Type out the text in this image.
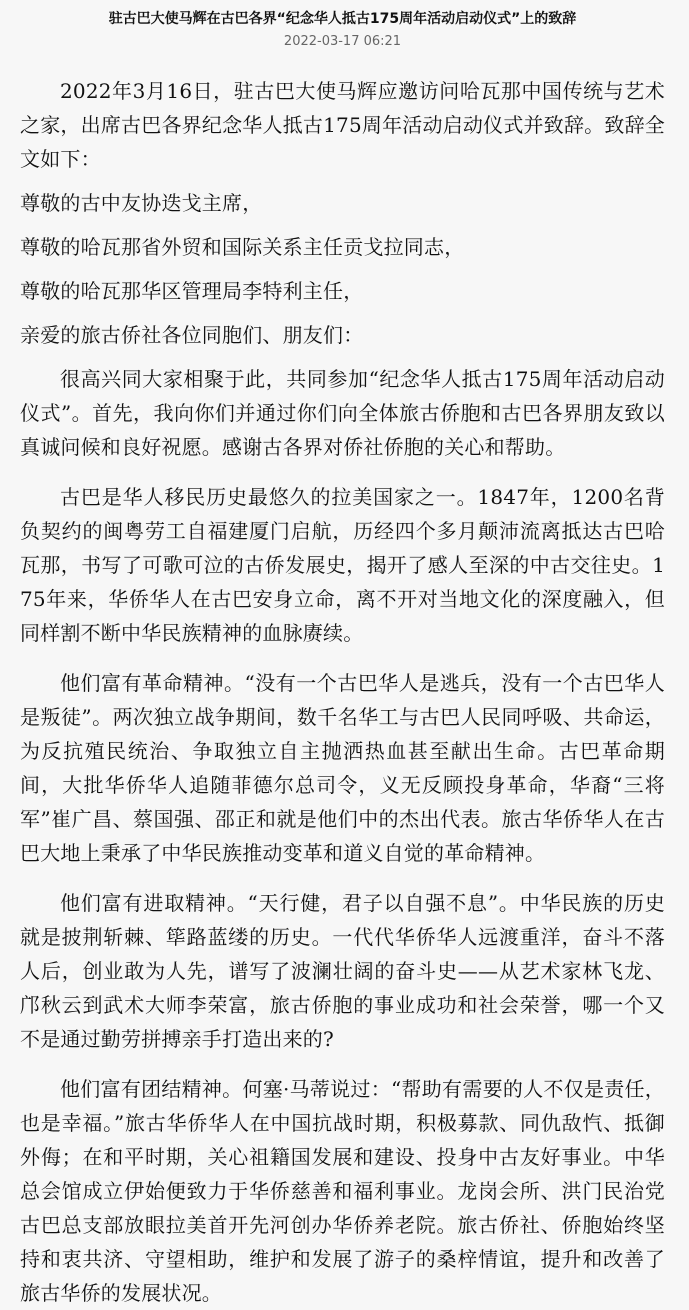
驻古巴大使马辉在古巴各界“纪念华人抵古175周年活动启动仪式”上的致辞
2022-03-17 06:21

2022年3月16日，驻古巴大使马辉应邀访问哈瓦那中国传统与艺术之家，出席古巴各界纪念华人抵古175周年活动启动仪式并致辞。致辞全文如下：

尊敬的古中友协迭戈主席，

尊敬的哈瓦那省外贸和国际关系主任贡戈拉同志，

尊敬的哈瓦那华区管理局李特利主任，

亲爱的旅古侨社各位同胞们、朋友们：

很高兴同大家相聚于此，共同参加“纪念华人抵古175周年活动启动仪式”。首先，我向你们并通过你们向全体旅古侨胞和古巴各界朋友致以真诚问候和良好祝愿。感谢古各界对侨社侨胞的关心和帮助。

古巴是华人移民历史最悠久的拉美国家之一。1847年，1200名背负契约的闽粤劳工自福建厦门启航，历经四个多月颠沛流离抵达古巴哈瓦那，书写了可歌可泣的古侨发展史，揭开了感人至深的中古交往史。175年来，华侨华人在古巴安身立命，离不开对当地文化的深度融入，但同样割不断中华民族精神的血脉赓续。

他们富有革命精神。“没有一个古巴华人是逃兵，没有一个古巴华人是叛徒”。两次独立战争期间，数千名华工与古巴人民同呼吸、共命运，为反抗殖民统治、争取独立自主抛洒热血甚至献出生命。古巴革命期间，大批华侨华人追随菲德尔总司令，义无反顾投身革命，华裔“三将军”崔广昌、蔡国强、邵正和就是他们中的杰出代表。旅古华侨华人在古巴大地上秉承了中华民族推动变革和道义自觉的革命精神。

他们富有进取精神。“天行健，君子以自强不息”。中华民族的历史就是披荆斩棘、筚路蓝缕的历史。一代代华侨华人远渡重洋，奋斗不落人后，创业敢为人先，谱写了波澜壮阔的奋斗史——从艺术家林飞龙、邝秋云到武术大师李荣富，旅古侨胞的事业成功和社会荣誉，哪一个又不是通过勤劳拼搏亲手打造出来的?

他们富有团结精神。何塞·马蒂说过：“帮助有需要的人不仅是责任，也是幸福。”旅古华侨华人在中国抗战时期，积极募款、同仇敌忾、抵御外侮；在和平时期，关心祖籍国发展和建设、投身中古友好事业。中华总会馆成立伊始便致力于华侨慈善和福利事业。龙岗会所、洪门民治党古巴总支部放眼拉美首开先河创办华侨养老院。旅古侨社、侨胞始终坚持和衷共济、守望相助，维护和发展了游子的桑梓情谊，提升和改善了旅古华侨的发展状况。
